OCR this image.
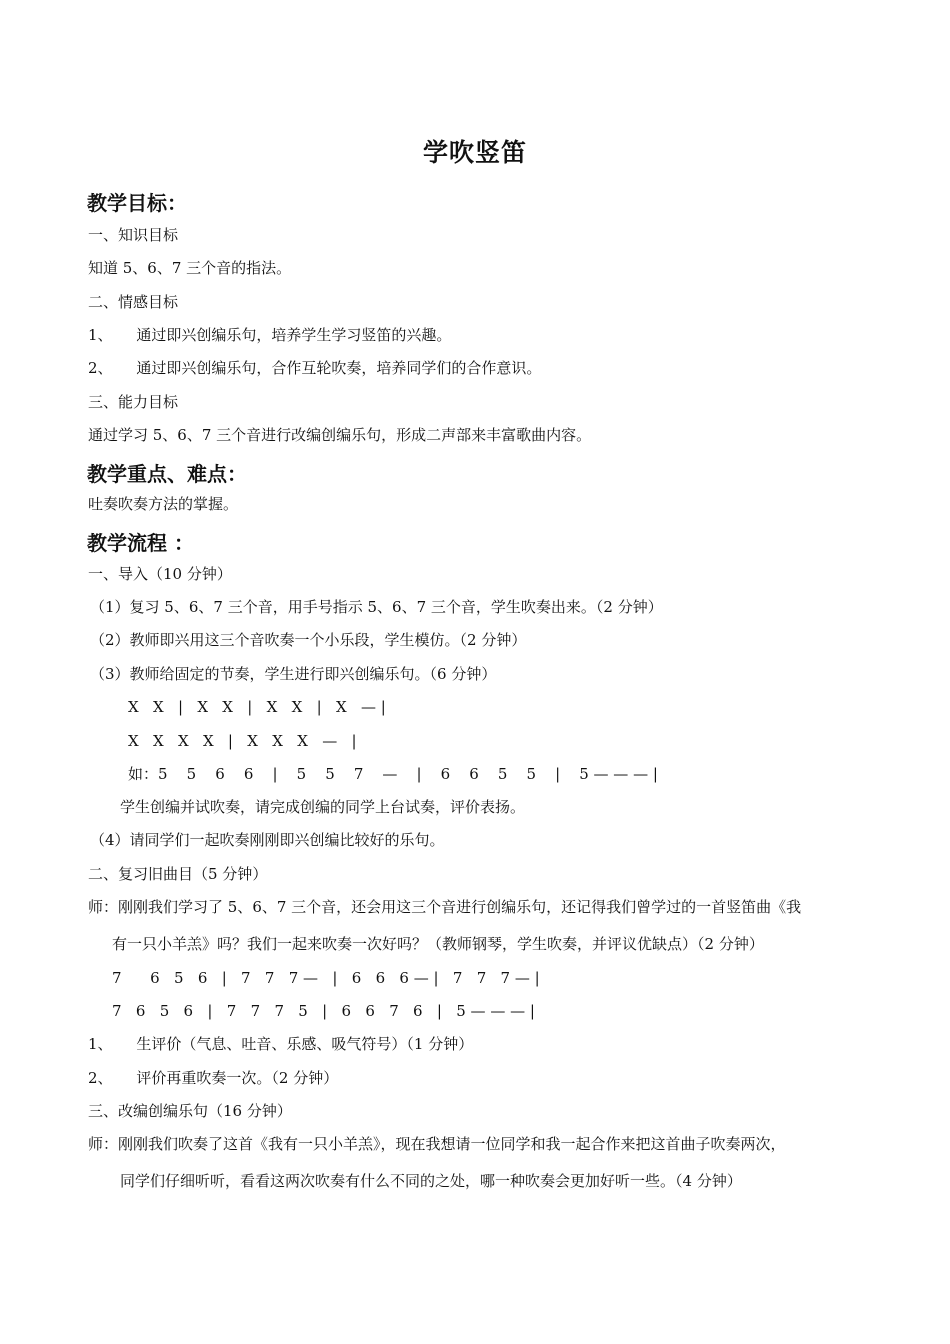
学吹竖笛
教学目标：
一、知识目标
知道 5、6、7 三个音的指法。
二、情感目标
1、     通过即兴创编乐句，培养学生学习竖笛的兴趣。
2、     通过即兴创编乐句，合作互轮吹奏，培养同学们的合作意识。
三、能力目标
通过学习 5、6、7 三个音进行改编创编乐句，形成二声部来丰富歌曲内容。
教学重点、难点：
吐奏吹奏方法的掌握。
教学流程 ：
一、导入（10 分钟）
（1）复习 5、6、7 三个音，用手号指示 5、6、7 三个音，学生吹奏出来。（2 分钟）
（2）教师即兴用这三个音吹奏一个小乐段，学生模仿。（2 分钟）
（3）教师给固定的节奏，学生进行即兴创编乐句。（6 分钟）
X   X   |   X   X   |   X   X   |   X   — |
X   X   X   X   |   X   X   X   —   |
如：5    5    6    6    |    5    5    7    —    |    6    6    5    5    |    5 — — — |
学生创编并试吹奏，请完成创编的同学上台试奏，评价表扬。
（4）请同学们一起吹奏刚刚即兴创编比较好的乐句。
二、复习旧曲目（5 分钟）
师：刚刚我们学习了 5、6、7 三个音，还会用这三个音进行创编乐句，还记得我们曾学过的一首竖笛曲《我
有一只小羊羔》吗？我们一起来吹奏一次好吗？（教师钢琴，学生吹奏，并评议优缺点）（2 分钟）
7      6   5   6   |   7   7   7 —   |   6   6   6 — |   7   7   7 — |
7   6   5   6   |   7   7   7   5   |   6   6   7   6   |   5 — — — |
1、     生评价（气息、吐音、乐感、吸气符号）（1 分钟）
2、     评价再重吹奏一次。（2 分钟）
三、改编创编乐句（16 分钟）
师：刚刚我们吹奏了这首《我有一只小羊羔》，现在我想请一位同学和我一起合作来把这首曲子吹奏两次，
同学们仔细听听，看看这两次吹奏有什么不同的之处，哪一种吹奏会更加好听一些。（4 分钟）
